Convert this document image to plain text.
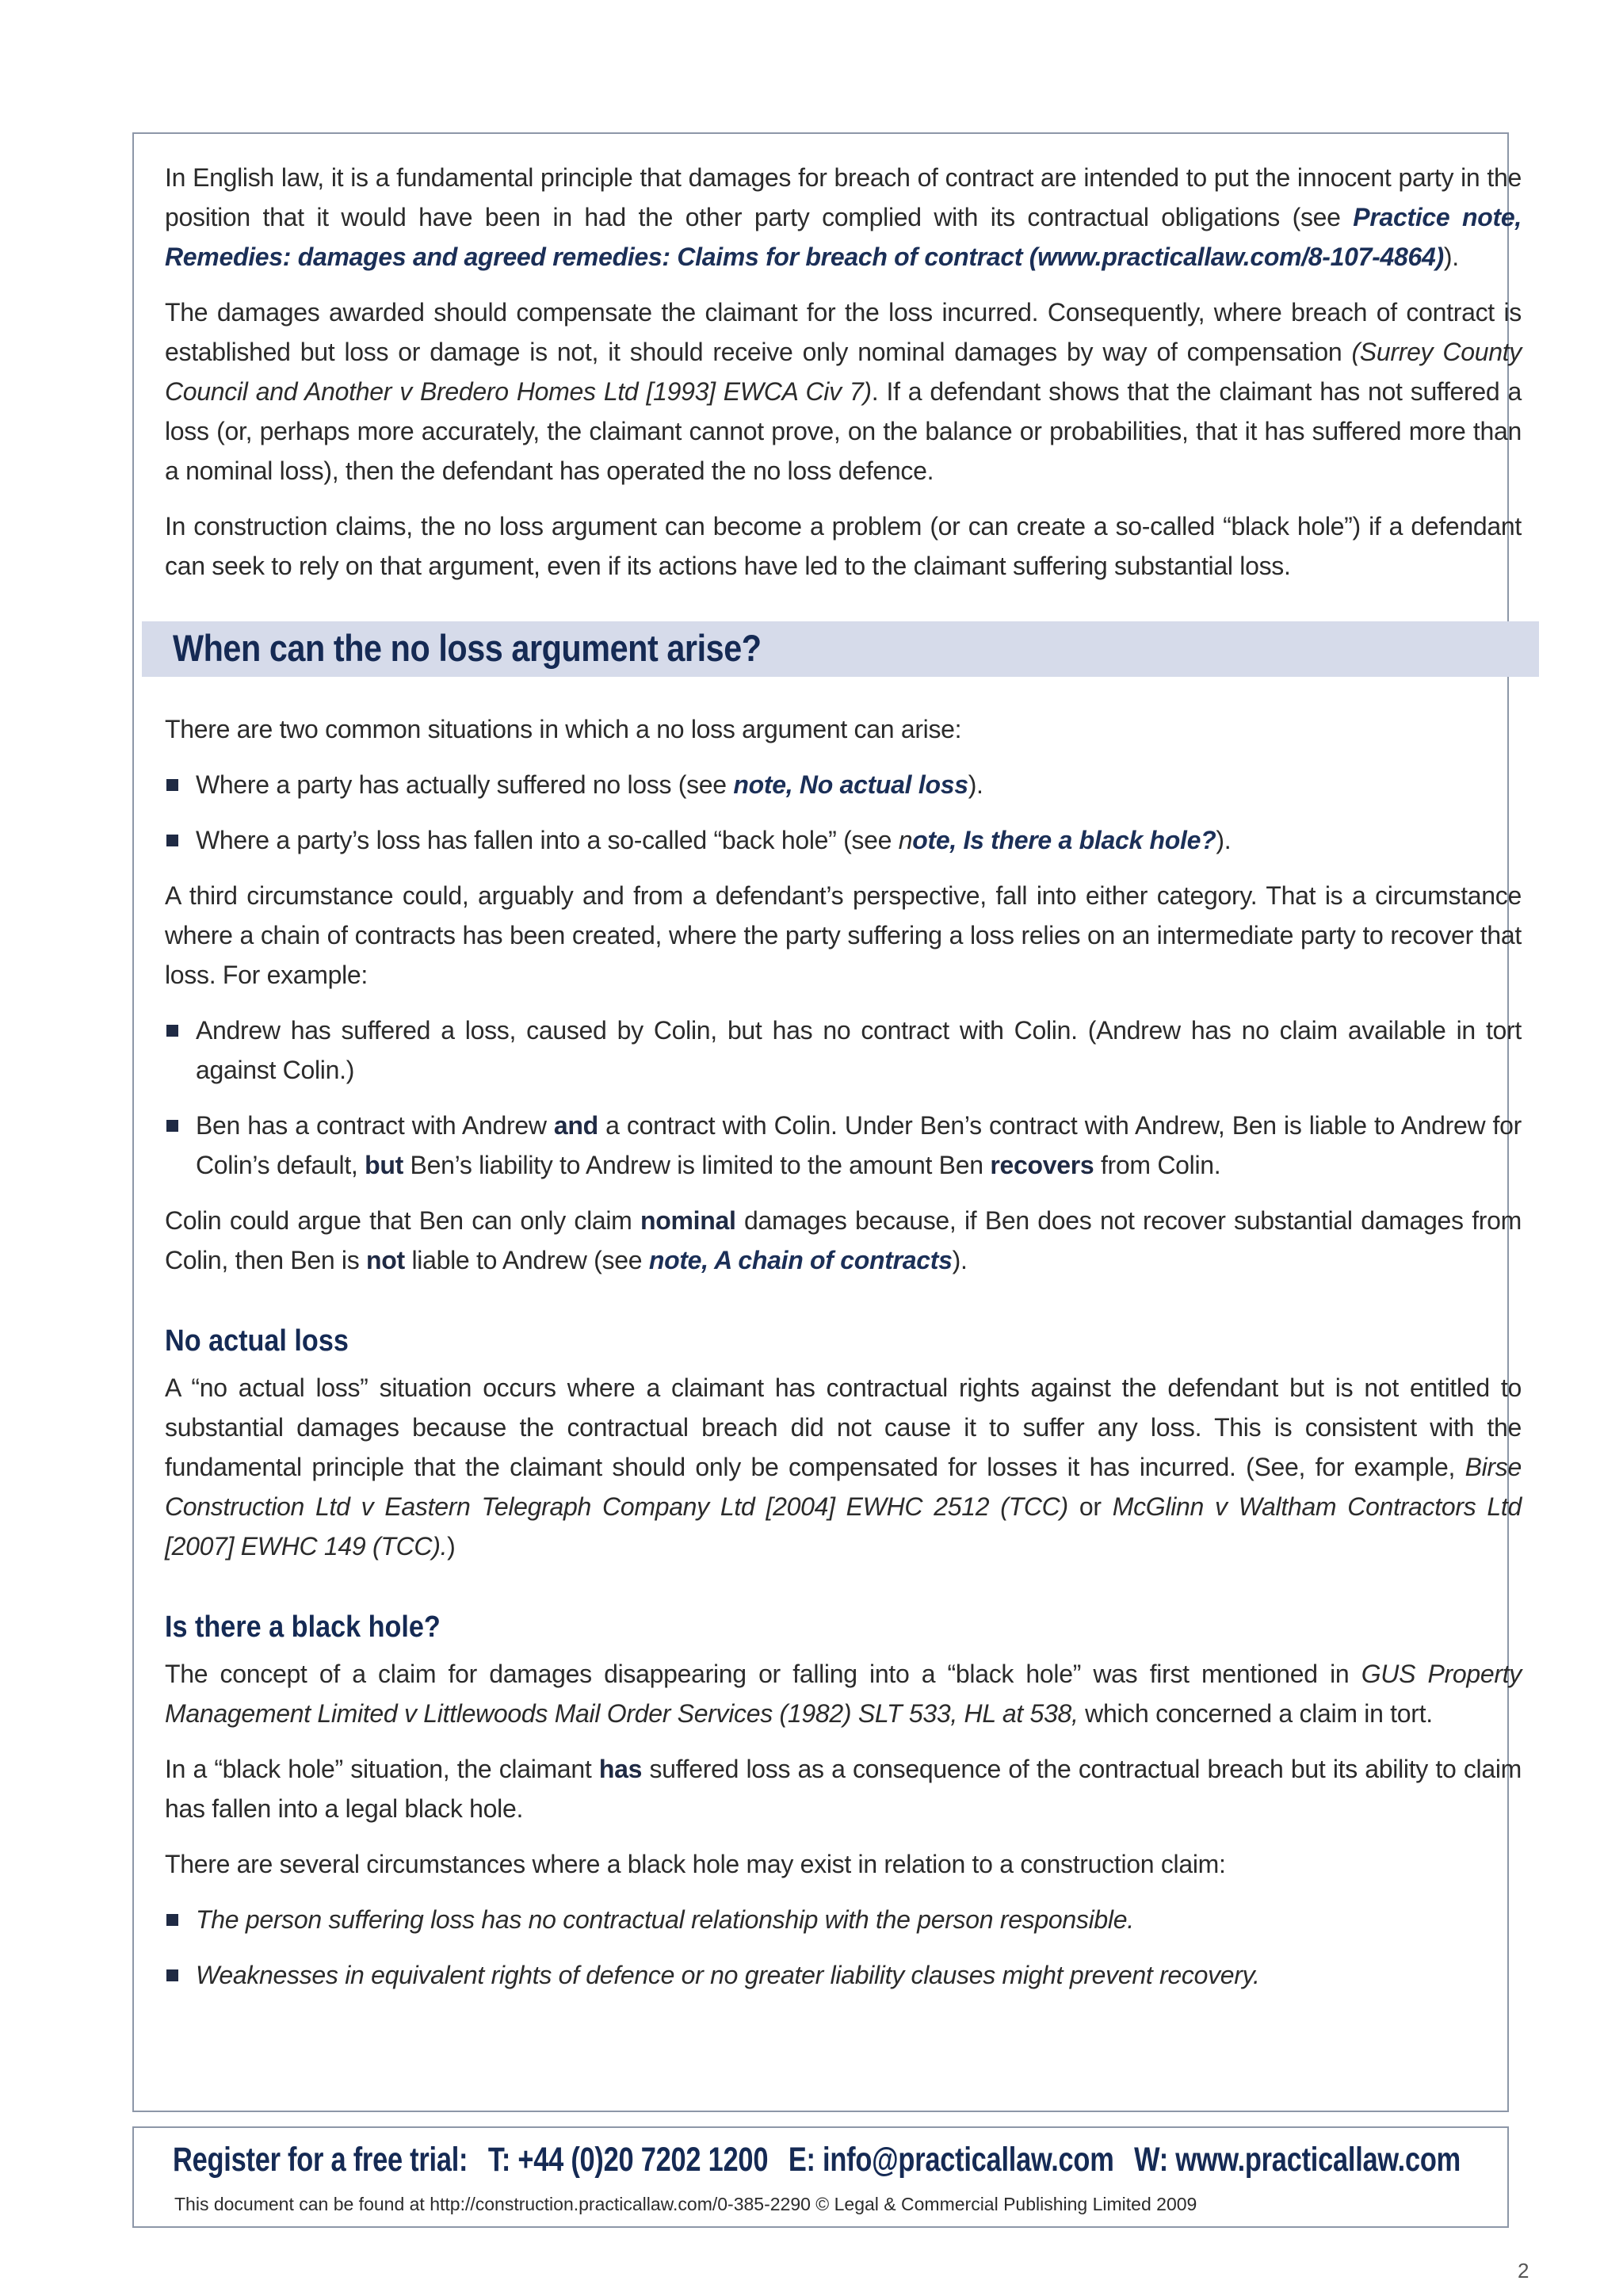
In English law, it is a fundamental principle that damages for breach of contract are intended to put the innocent party in the position that it would have been in had the other party complied with its contractual obligations (see Practice note, Remedies: damages and agreed remedies: Claims for breach of contract (www.practicallaw.com/8-107-4864)).

The damages awarded should compensate the claimant for the loss incurred. Consequently, where breach of contract is established but loss or damage is not, it should receive only nominal damages by way of compensation (Surrey County Council and Another v Bredero Homes Ltd [1993] EWCA Civ 7). If a defendant shows that the claimant has not suffered a loss (or, perhaps more accurately, the claimant cannot prove, on the balance or probabilities, that it has suffered more than a nominal loss), then the defendant has operated the no loss defence.

In construction claims, the no loss argument can become a problem (or can create a so-called “black hole”) if a defendant can seek to rely on that argument, even if its actions have led to the claimant suffering substantial loss.

When can the no loss argument arise?

There are two common situations in which a no loss argument can arise:

Where a party has actually suffered no loss (see note, No actual loss).
Where a party’s loss has fallen into a so-called “back hole” (see note, Is there a black hole?).

A third circumstance could, arguably and from a defendant’s perspective, fall into either category. That is a circumstance where a chain of contracts has been created, where the party suffering a loss relies on an intermediate party to recover that loss. For example:

Andrew has suffered a loss, caused by Colin, but has no contract with Colin. (Andrew has no claim available in tort against Colin.)
Ben has a contract with Andrew and a contract with Colin. Under Ben’s contract with Andrew, Ben is liable to Andrew for Colin’s default, but Ben’s liability to Andrew is limited to the amount Ben recovers from Colin.

Colin could argue that Ben can only claim nominal damages because, if Ben does not recover substantial damages from Colin, then Ben is not liable to Andrew (see note, A chain of contracts).

No actual loss

A “no actual loss” situation occurs where a claimant has contractual rights against the defendant but is not entitled to substantial damages because the contractual breach did not cause it to suffer any loss. This is consistent with the fundamental principle that the claimant should only be compensated for losses it has incurred. (See, for example, Birse Construction Ltd v Eastern Telegraph Company Ltd [2004] EWHC 2512 (TCC) or McGlinn v Waltham Contractors Ltd [2007] EWHC 149 (TCC).)

Is there a black hole?

The concept of a claim for damages disappearing or falling into a “black hole” was first mentioned in GUS Property Management Limited v Littlewoods Mail Order Services (1982) SLT 533, HL at 538, which concerned a claim in tort.

In a “black hole” situation, the claimant has suffered loss as a consequence of the contractual breach but its ability to claim has fallen into a legal black hole.

There are several circumstances where a black hole may exist in relation to a construction claim:

The person suffering loss has no contractual relationship with the person responsible.
Weaknesses in equivalent rights of defence or no greater liability clauses might prevent recovery.
Register for a free trial: T: +44 (0)20 7202 1200 E: info@practicallaw.com W: www.practicallaw.com
This document can be found at http://construction.practicallaw.com/0-385-2290 © Legal & Commercial Publishing Limited 2009
2
